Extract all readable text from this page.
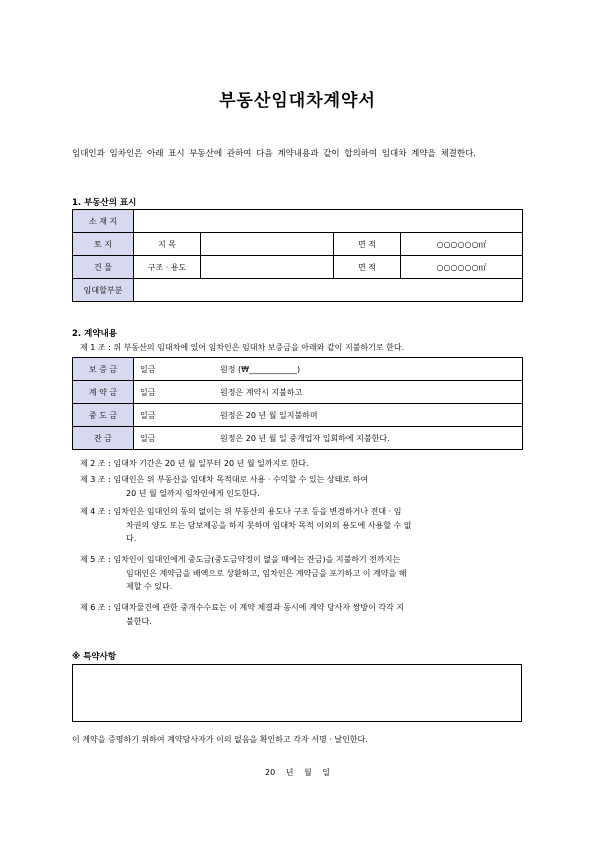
부동산임대차계약서
임대인과 임차인은 아래 표시 부동산에 관하여 다음 계약내용과 같이 합의하여 임대차 계약을 체결한다.
1. 부동산의 표시
소 재 지				
토 지	지 목		면 적	○○○○○○㎡
건 물	구조 · 용도		면 적	○○○○○○㎡
임대할부분				
2. 계약내용
제 1 조 : 위 부동산의 임대차에 있어 임차인은 임대차 보증금을 아래와 같이 지불하기로 한다.
보 증 금	일금	원정 (₩____________)
계 약 금	일금	원정은 계약시 지불하고
중 도 금	일금	원정은 20 년 월 일지불하며
잔 금	일금	원정은 20 년 월 일 중개업자 입회하에 지불한다.
제 2 조 : 임대차 기간은 20 년 월 일부터 20 년 월 일까지로 한다.
제 3 조 : 임대인은 위 부동산을 임대차 목적대로 사용 · 수익할 수 있는 상태로 하여
20 년 월 일까지 임차인에게 인도한다.
제 4 조 : 임차인은 임대인의 동의 없이는 위 부동산의 용도나 구조 등을 변경하거나 전대 · 임
차권의 양도 또는 담보제공을 하지 못하며 임대차 목적 이외의 용도에 사용할 수 없
다.
제 5 조 : 임차인이 임대인에게 중도금(중도금약정이 없을 때에는 잔금)을 지불하기 전까지는
임대인은 계약금을 배액으로 상환하고, 임차인은 계약금을 포기하고 이 계약을 해
제할 수 있다.
제 6 조 : 임대차물건에 관한 중개수수료는 이 계약 체결과 동시에 계약 당사자 쌍방이 각각 지
불한다.
※ 특약사항
이 계약을 증명하기 위하여 계약당사자가 이의 없음을 확인하고 각자 서명 · 날인한다.
20 년 월 일
